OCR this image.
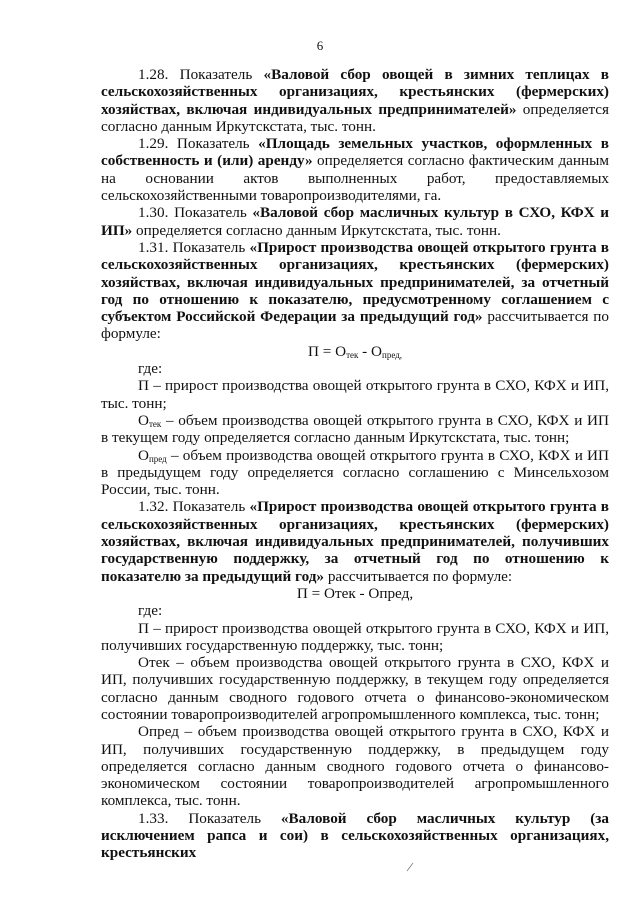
6

1.28. Показатель «Валовой сбор овощей в зимних теплицах в сельскохозяйственных организациях, крестьянских (фермерских) хозяйствах, включая индивидуальных предпринимателей» определяется согласно данным Иркутскстата, тыс. тонн.

1.29. Показатель «Площадь земельных участков, оформленных в собственность и (или) аренду» определяется согласно фактическим данным на основании актов выполненных работ, предоставляемых сельскохозяйственными товаропроизводителями, га.

1.30. Показатель «Валовой сбор масличных культур в СХО, КФХ и ИП» определяется согласно данным Иркутскстата, тыс. тонн.

1.31. Показатель «Прирост производства овощей открытого грунта в сельскохозяйственных организациях, крестьянских (фермерских) хозяйствах, включая индивидуальных предпринимателей, за отчетный год по отношению к показателю, предусмотренному соглашением с субъектом Российской Федерации за предыдущий год» рассчитывается по формуле:

$П = О_{тек} - О_{пред,}$

где:

П – прирост производства овощей открытого грунта в СХО, КФХ и ИП, тыс. тонн;

$О_{тек}$ – объем производства овощей открытого грунта в СХО, КФХ и ИП в текущем году определяется согласно данным Иркутскстата, тыс. тонн;

$О_{пред}$ – объем производства овощей открытого грунта в СХО, КФХ и ИП в предыдущем году определяется согласно соглашению с Минсельхозом России, тыс. тонн.

1.32. Показатель «Прирост производства овощей открытого грунта в сельскохозяйственных организациях, крестьянских (фермерских) хозяйствах, включая индивидуальных предпринимателей, получивших государственную поддержку, за отчетный год по отношению к показателю за предыдущий год» рассчитывается по формуле:

П = Отек - Опред,

где:

П – прирост производства овощей открытого грунта в СХО, КФХ и ИП, получивших государственную поддержку, тыс. тонн;

Отек – объем производства овощей открытого грунта в СХО, КФХ и ИП, получивших государственную поддержку, в текущем году определяется согласно данным сводного годового отчета о финансово-экономическом состоянии товаропроизводителей агропромышленного комплекса, тыс. тонн;

Опред – объем производства овощей открытого грунта в СХО, КФХ и ИП, получивших государственную поддержку, в предыдущем году определяется согласно данным сводного годового отчета о финансово-экономическом состоянии товаропроизводителей агропромышленного комплекса, тыс. тонн.

1.33. Показатель «Валовой сбор масличных культур (за исключением рапса и сои) в сельскохозяйственных организациях, крестьянских
